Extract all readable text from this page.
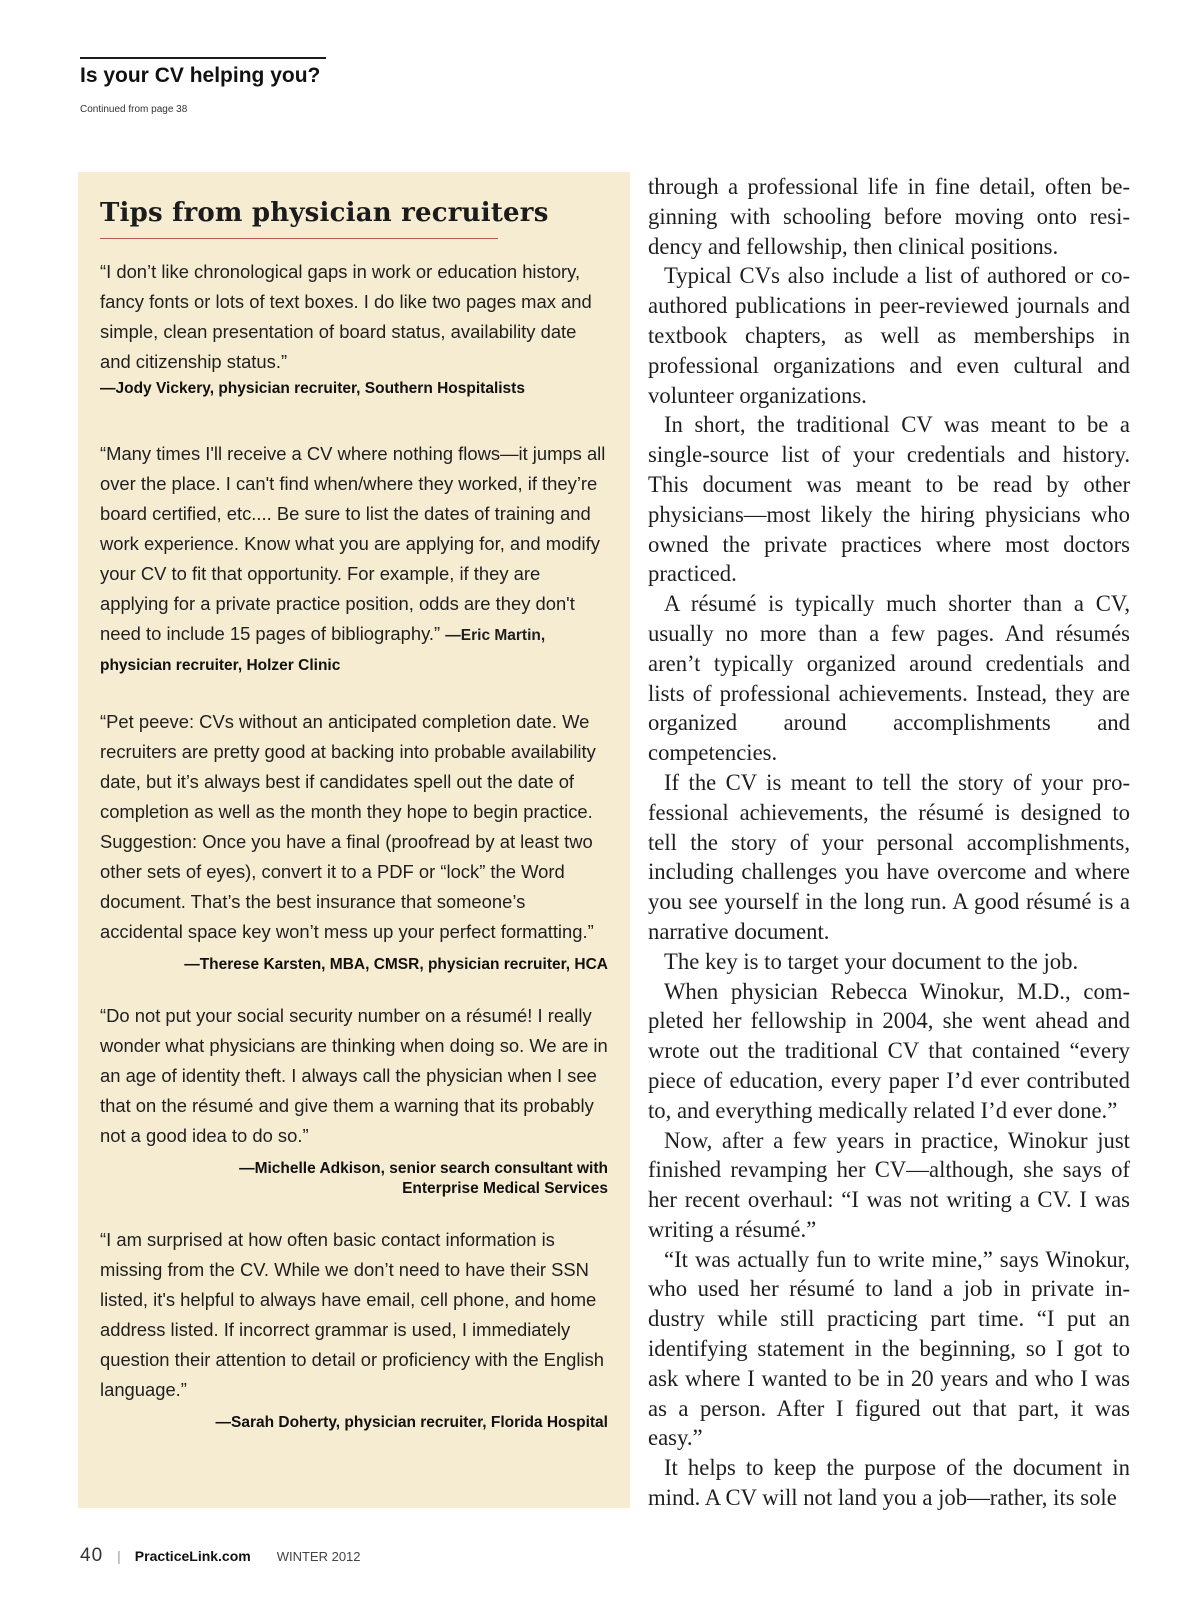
Is your CV helping you?
Continued from page 38
Tips from physician recruiters

“I don’t like chronological gaps in work or education history, fancy fonts or lots of text boxes. I do like two pages max and simple, clean presentation of board status, availability date and citizenship status.”

—Jody Vickery, physician recruiter, Southern Hospitalists

“Many times I'll receive a CV where nothing flows—it jumps all over the place. I can't find when/where they worked, if they’re board certified, etc.... Be sure to list the dates of training and work experience. Know what you are applying for, and modify your CV to fit that opportunity. For example, if they are applying for a private practice position, odds are they don't need to include 15 pages of bibliography.” —Eric Martin,

physician recruiter, Holzer Clinic

“Pet peeve: CVs without an anticipated completion date. We recruiters are pretty good at backing into probable availability date, but it’s always best if candidates spell out the date of completion as well as the month they hope to begin practice. Suggestion: Once you have a final (proofread by at least two other sets of eyes), convert it to a PDF or “lock” the Word document. That’s the best insurance that someone’s accidental space key won’t mess up your perfect formatting.”

—Therese Karsten, MBA, CMSR, physician recruiter, HCA

“Do not put your social security number on a résumé! I really wonder what physicians are thinking when doing so. We are in an age of identity theft. I always call the physician when I see that on the résumé and give them a warning that its probably not a good idea to do so.”

—Michelle Adkison, senior search consultant with
Enterprise Medical Services

“I am surprised at how often basic contact information is missing from the CV. While we don’t need to have their SSN listed, it's helpful to always have email, cell phone, and home address listed. If incorrect grammar is used, I immediately question their attention to detail or proficiency with the English language.”

—Sarah Doherty, physician recruiter, Florida Hospital

through a professional life in fine detail, often beginning with schooling before moving onto residency and fellowship, then clinical positions.

Typical CVs also include a list of authored or coauthored publications in peer-reviewed journals and textbook chapters, as well as memberships in professional organizations and even cultural and volunteer organizations.

In short, the traditional CV was meant to be a single-source list of your credentials and history. This document was meant to be read by other physicians—most likely the hiring physicians who owned the private practices where most doctors practiced.

A résumé is typically much shorter than a CV, usually no more than a few pages. And résumés aren’t typically organized around credentials and lists of professional achievements. Instead, they are organized around accomplishments and competencies.

If the CV is meant to tell the story of your professional achievements, the résumé is designed to tell the story of your personal accomplishments, including challenges you have overcome and where you see yourself in the long run. A good résumé is a narrative document.

The key is to target your document to the job.

When physician Rebecca Winokur, M.D., completed her fellowship in 2004, she went ahead and wrote out the traditional CV that contained “every piece of education, every paper I’d ever contributed to, and everything medically related I’d ever done.”

Now, after a few years in practice, Winokur just finished revamping her CV—although, she says of her recent overhaul: “I was not writing a CV. I was writing a résumé.”

“It was actually fun to write mine,” says Winokur, who used her résumé to land a job in private industry while still practicing part time. “I put an identifying statement in the beginning, so I got to ask where I wanted to be in 20 years and who I was as a person. After I figured out that part, it was easy.”

It helps to keep the purpose of the document in mind. A CV will not land you a job—rather, its sole

40 | PracticeLink.com WINTER 2012
